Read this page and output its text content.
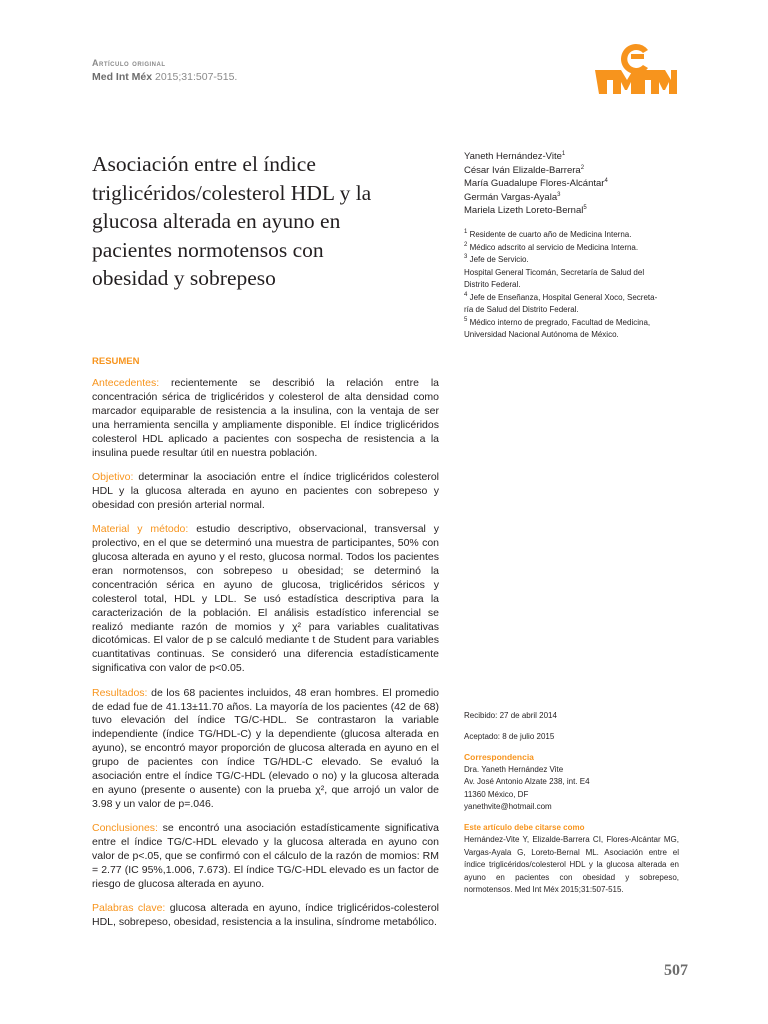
Artículo original
Med Int Méx 2015;31:507-515.
Asociación entre el índice triglicéridos/colesterol HDL y la glucosa alterada en ayuno en pacientes normotensos con obesidad y sobrepeso
Yaneth Hernández-Vite$^1$
César Iván Elizalde-Barrera$^2$
María Guadalupe Flores-Alcántar$^4$
Germán Vargas-Ayala$^3$
Mariela Lizeth Loreto-Bernal$^5$
$^1$ Residente de cuarto año de Medicina Interna.
$^2$ Médico adscrito al servicio de Medicina Interna.
$^3$ Jefe de Servicio.
Hospital General Ticomán, Secretaría de Salud del
Distrito Federal.
$^4$ Jefe de Enseñanza, Hospital General Xoco, Secreta-
ría de Salud del Distrito Federal.
$^5$ Médico interno de pregrado, Facultad de Medicina,
Universidad Nacional Autónoma de México.
RESUMEN

Antecedentes: recientemente se describió la relación entre la concentración sérica de triglicéridos y colesterol de alta densidad como marcador equiparable de resistencia a la insulina, con la ventaja de ser una herramienta sencilla y ampliamente disponible. El índice triglicéridos colesterol HDL aplicado a pacientes con sospecha de resistencia a la insulina puede resultar útil en nuestra población.

Objetivo: determinar la asociación entre el índice triglicéridos colesterol HDL y la glucosa alterada en ayuno en pacientes con sobrepeso y obesidad con presión arterial normal.

Material y método: estudio descriptivo, observacional, transversal y prolectivo, en el que se determinó una muestra de participantes, 50% con glucosa alterada en ayuno y el resto, glucosa normal. Todos los pacientes eran normotensos, con sobrepeso u obesidad; se determinó la concentración sérica en ayuno de glucosa, triglicéridos séricos y colesterol total, HDL y LDL. Se usó estadística descriptiva para la caracterización de la población. El análisis estadístico inferencial se realizó mediante razón de momios y χ² para variables cualitativas dicotómicas. El valor de p se calculó mediante t de Student para variables cuantitativas continuas. Se consideró una diferencia estadísticamente significativa con valor de p<0.05.

Resultados: de los 68 pacientes incluidos, 48 eran hombres. El promedio de edad fue de 41.13±11.70 años. La mayoría de los pacientes (42 de 68) tuvo elevación del índice TG/C-HDL. Se contrastaron la variable independiente (índice TG/HDL-C) y la dependiente (glucosa alterada en ayuno), se encontró mayor proporción de glucosa alterada en ayuno en el grupo de pacientes con índice TG/HDL-C elevado. Se evaluó la asociación entre el índice TG/C-HDL (elevado o no) y la glucosa alterada en ayuno (presente o ausente) con la prueba χ², que arrojó un valor de 3.98 y un valor de p=.046.

Conclusiones: se encontró una asociación estadísticamente significativa entre el índice TG/C-HDL elevado y la glucosa alterada en ayuno con valor de p<.05, que se confirmó con el cálculo de la razón de momios: RM = 2.77 (IC 95%,1.006, 7.673). El índice TG/C-HDL elevado es un factor de riesgo de glucosa alterada en ayuno.

Palabras clave: glucosa alterada en ayuno, índice triglicéridos-colesterol HDL, sobrepeso, obesidad, resistencia a la insulina, síndrome metabólico.

Recibido: 27 de abril 2014
Aceptado: 8 de julio 2015
Correspondencia
Dra. Yaneth Hernández Vite
Av. José Antonio Alzate 238, int. E4
11360 México, DF
yanethvite@hotmail.com
Este artículo debe citarse como
Hernández-Vite Y, Elizalde-Barrera CI, Flores-Alcántar MG, Vargas-Ayala G, Loreto-Bernal ML. Asociación entre el índice triglicéridos/colesterol HDL y la glucosa alterada en ayuno en pacientes con obesidad y sobrepeso, normotensos. Med Int Méx 2015;31:507-515.
507
